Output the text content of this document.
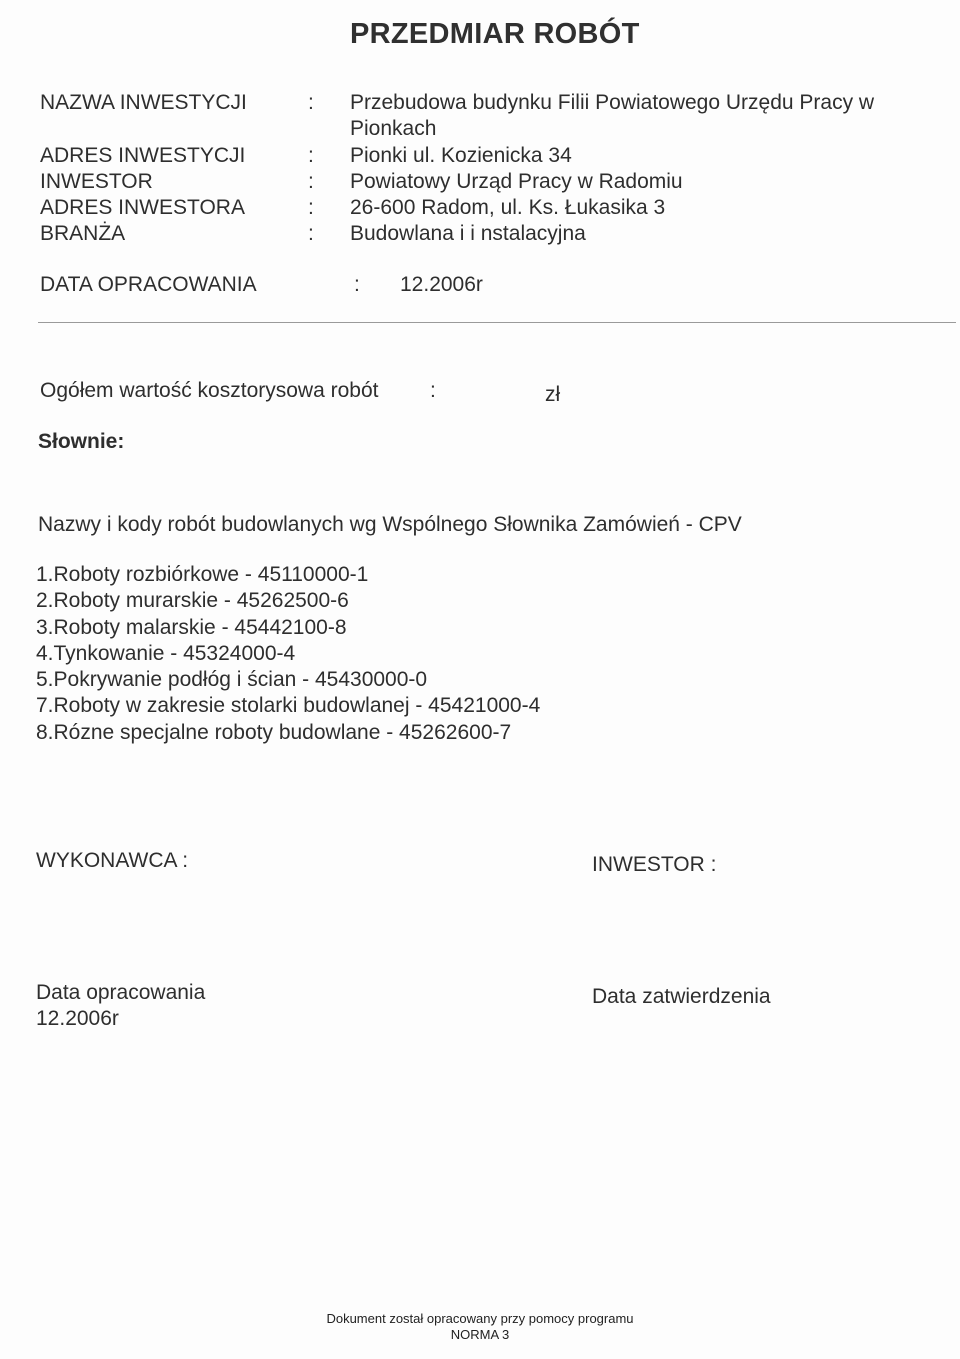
PRZEDMIAR ROBÓT
NAZWA INWESTYCJI	: Przebudowa budynku Filii Powiatowego Urzędu Pracy w Pionkach
ADRES INWESTYCJI	: Pionki ul. Kozienicka 34
INWESTOR	: Powiatowy Urząd Pracy w Radomiu
ADRES INWESTORA	: 26-600 Radom, ul. Ks. Łukasika 3
BRANŻA	: Budowlana i i nstalacyjna
DATA OPRACOWANIA	: 12.2006r
Ogółem wartość kosztorysowa robót :	zł
Słownie:
Nazwy i kody robót budowlanych wg Wspólnego Słownika Zamówień - CPV
1.Roboty rozbiórkowe - 45110000-1
2.Roboty murarskie - 45262500-6
3.Roboty malarskie - 45442100-8
4.Tynkowanie - 45324000-4
5.Pokrywanie podłóg i ścian - 45430000-0
7.Roboty w zakresie stolarki budowlanej - 45421000-4
8.Rózne specjalne roboty budowlane - 45262600-7
WYKONAWCA :	INWESTOR :
Data opracowania
12.2006r
Data zatwierdzenia
Dokument został opracowany przy pomocy programu
NORMA 3
